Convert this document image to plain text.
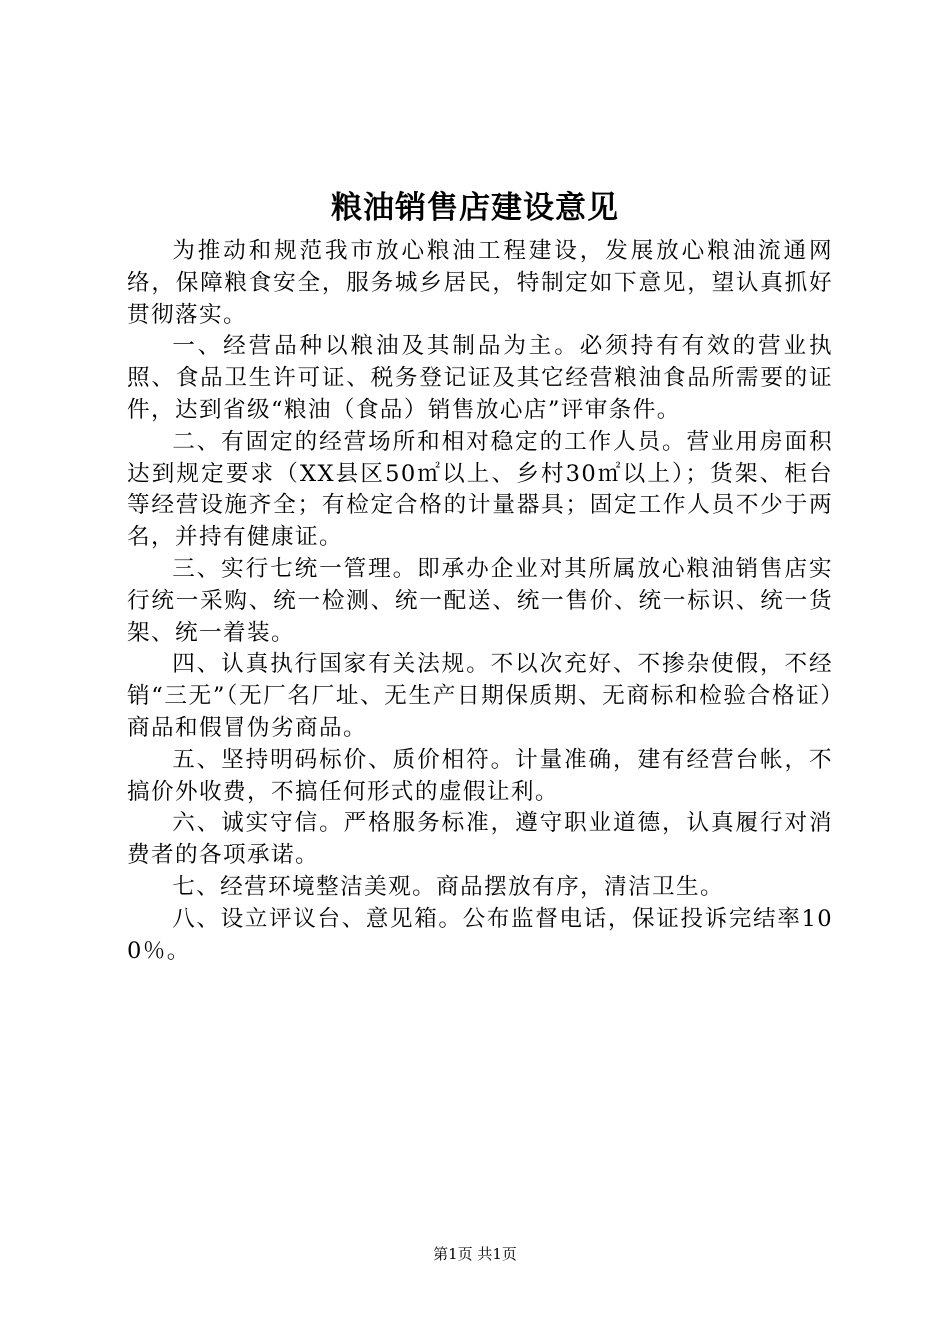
粮油销售店建设意见

为推动和规范我市放心粮油工程建设，发展放心粮油流通网络，保障粮食安全，服务城乡居民，特制定如下意见，望认真抓好贯彻落实。

一、经营品种以粮油及其制品为主。必须持有有效的营业执照、食品卫生许可证、税务登记证及其它经营粮油食品所需要的证件，达到省级“粮油（食品）销售放心店”评审条件。

二、有固定的经营场所和相对稳定的工作人员。营业用房面积达到规定要求（XX县区50㎡以上、乡村30㎡以上）；货架、柜台等经营设施齐全；有检定合格的计量器具；固定工作人员不少于两名，并持有健康证。

三、实行七统一管理。即承办企业对其所属放心粮油销售店实行统一采购、统一检测、统一配送、统一售价、统一标识、统一货架、统一着装。

四、认真执行国家有关法规。不以次充好、不掺杂使假，不经销“三无”（无厂名厂址、无生产日期保质期、无商标和检验合格证）商品和假冒伪劣商品。

五、坚持明码标价、质价相符。计量准确，建有经营台帐，不搞价外收费，不搞任何形式的虚假让利。

六、诚实守信。严格服务标准，遵守职业道德，认真履行对消费者的各项承诺。

七、经营环境整洁美观。商品摆放有序，清洁卫生。

八、设立评议台、意见箱。公布监督电话，保证投诉完结率100％。

第1页 共1页
